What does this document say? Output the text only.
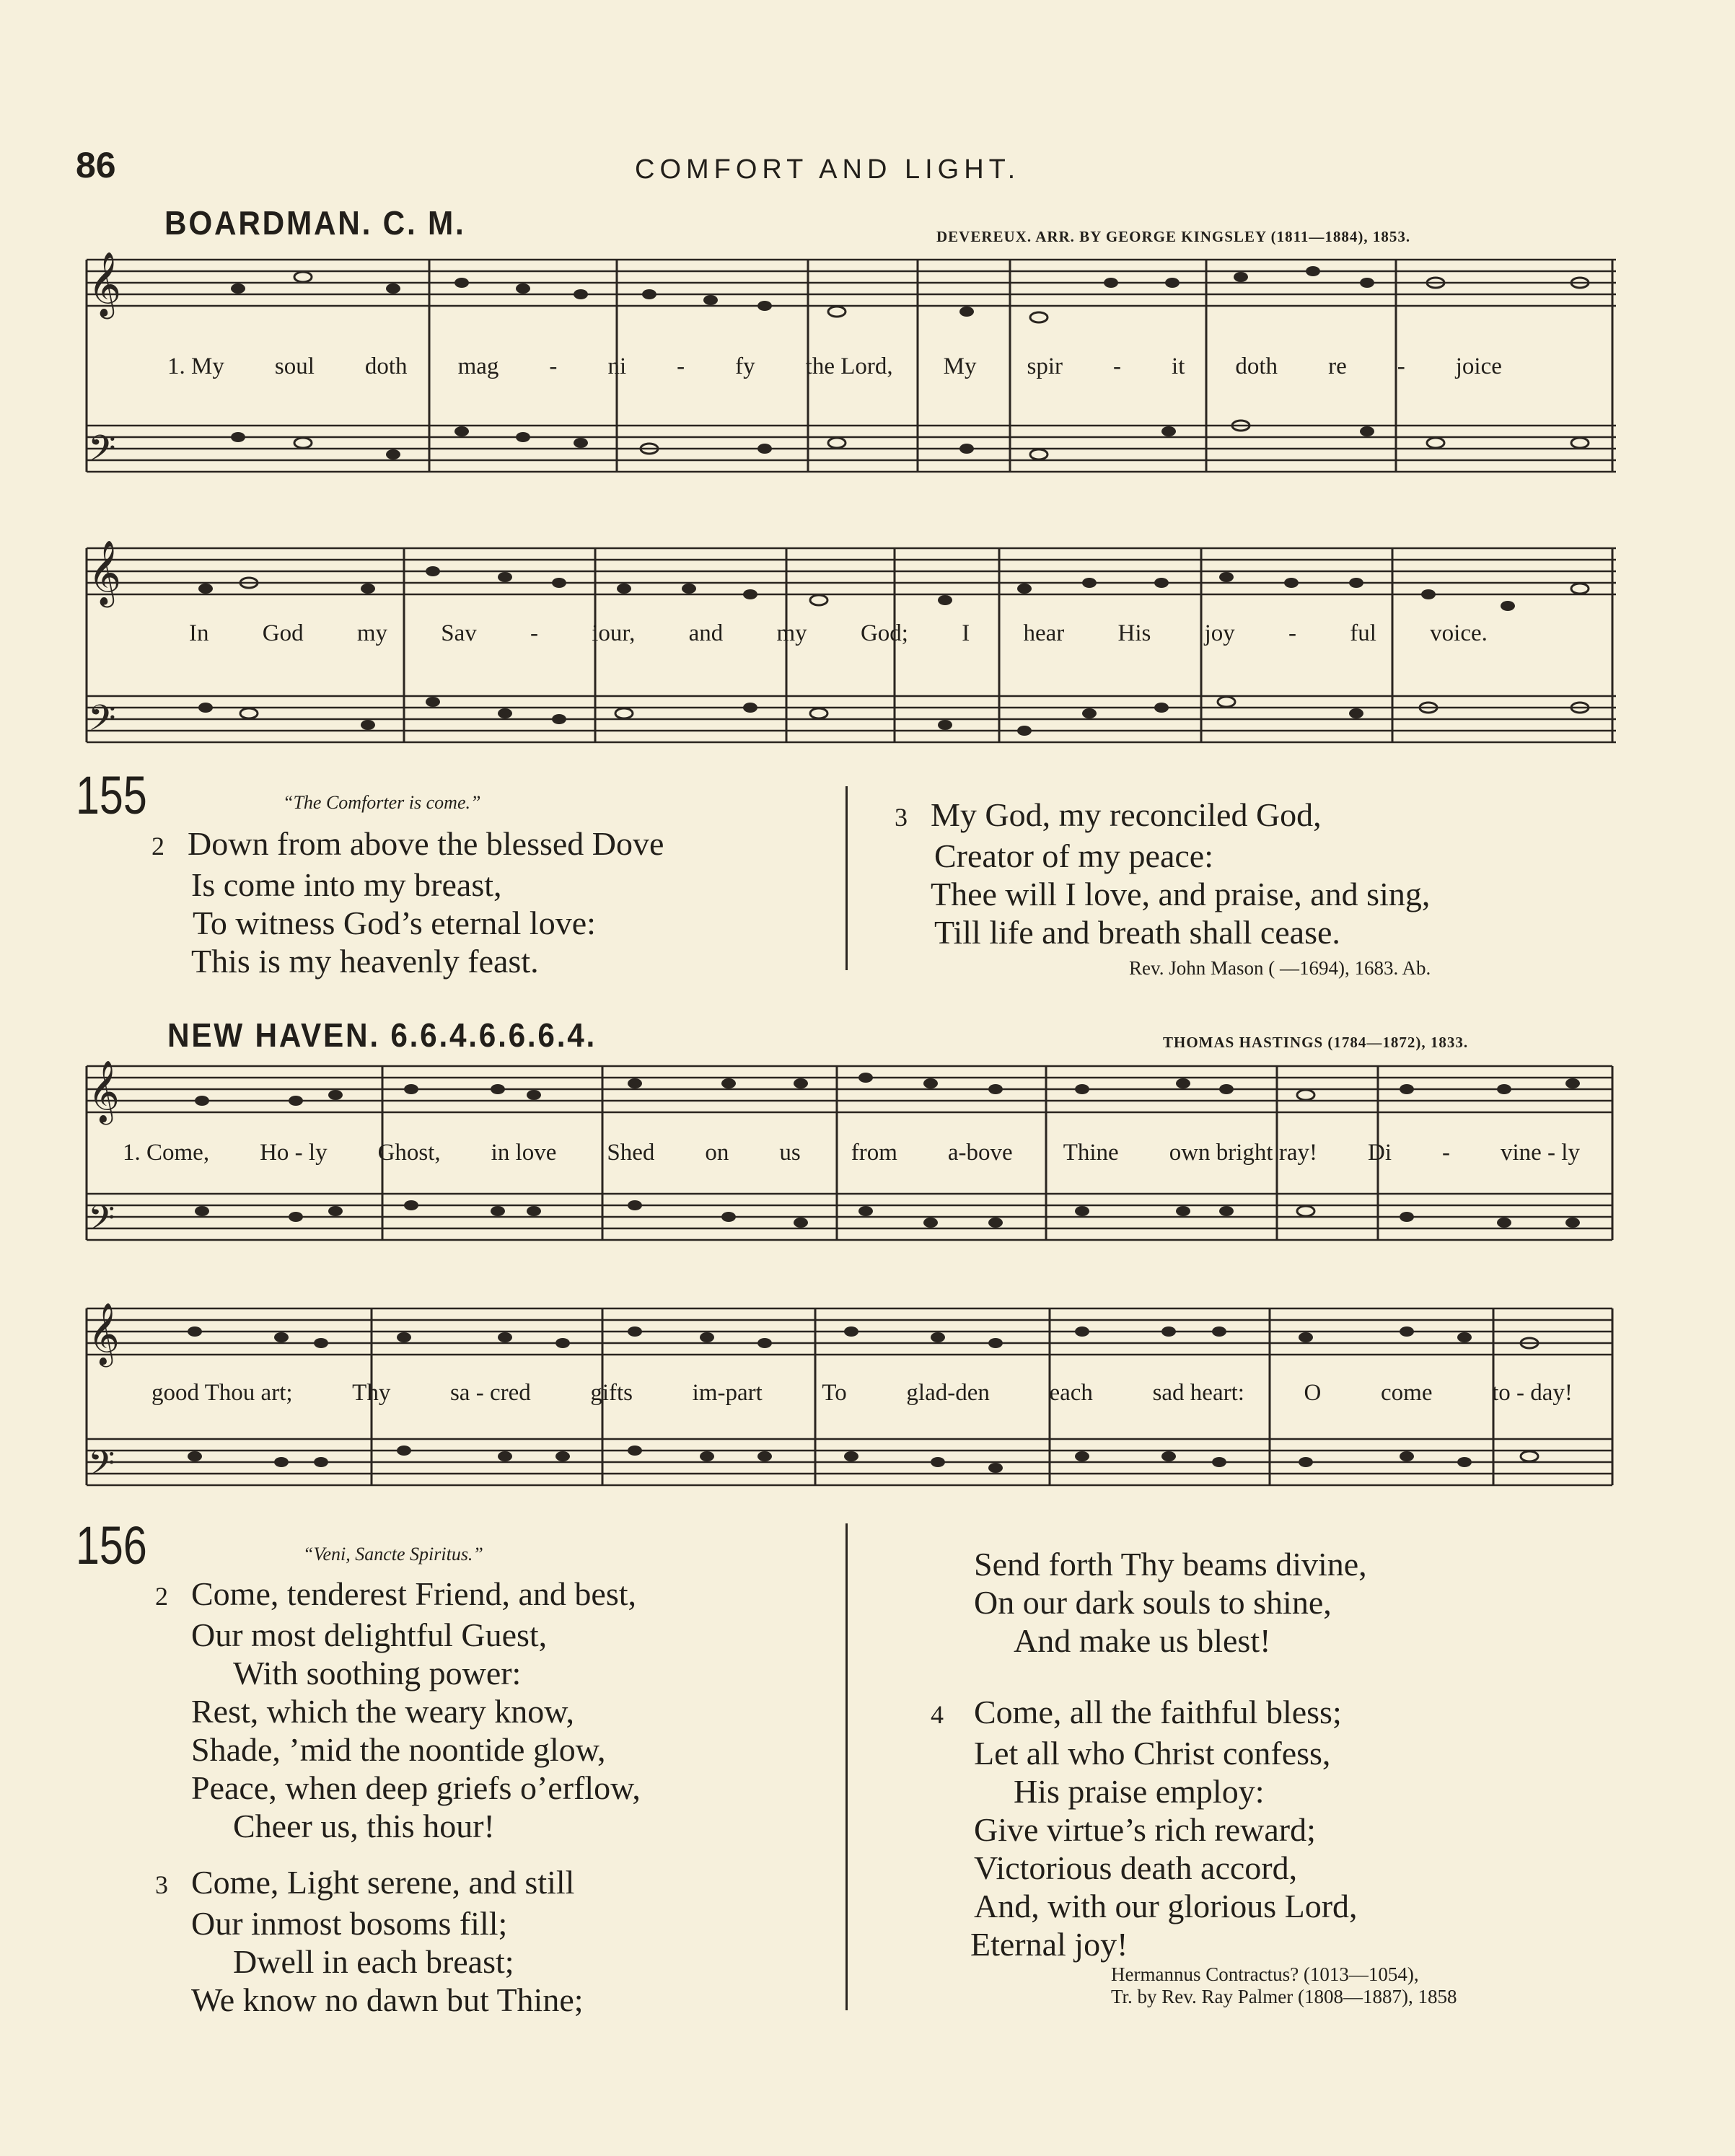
86	COMFORT AND LIGHT.
BOARDMAN. C. M.	DEVEREUX. ARR. BY GEORGE KINGSLEY (1811—1884), 1853.
𝄞
𝄢
𝄞
𝄢
1. My soul doth mag - ni - fy the Lord, My spir - it doth re - joice
In God my Sav - iour, and my God; I hear His joy - ful voice.
155	“The Comforter is come.”
2 Down from above the blessed Dove
Is come into my breast,
To witness God’s eternal love:
This is my heavenly feast.
3 My God, my reconciled God,
Creator of my peace:
Thee will I love, and praise, and sing,
Till life and breath shall cease.
Rev. John Mason ( —1694), 1683. Ab.
NEW HAVEN. 6.6.4.6.6.6.4.	THOMAS HASTINGS (1784—1872), 1833.
𝄞
𝄢
𝄞
𝄢
1. Come, Ho - ly Ghost, in love Shed on us from a-bove Thine own bright ray! Di - vine - ly
good Thou art;	Thy	sa - cred	gifts	im-part	To	glad-den	each	sad heart:	O	come	to - day!
156	“Veni, Sancte Spiritus.”
2 Come, tenderest Friend, and best,
Our most delightful Guest,
With soothing power:
Rest, which the weary know,
Shade, ’mid the noontide glow,
Peace, when deep griefs o’erflow,
Cheer us, this hour!
3 Come, Light serene, and still
Our inmost bosoms fill;
Dwell in each breast;
We know no dawn but Thine;
Send forth Thy beams divine,
On our dark souls to shine,
And make us blest!
4 Come, all the faithful bless;
Let all who Christ confess,
His praise employ:
Give virtue’s rich reward;
Victorious death accord,
And, with our glorious Lord,
Eternal joy!
Hermannus Contractus? (1013—1054),
Tr. by Rev. Ray Palmer (1808—1887), 1858
